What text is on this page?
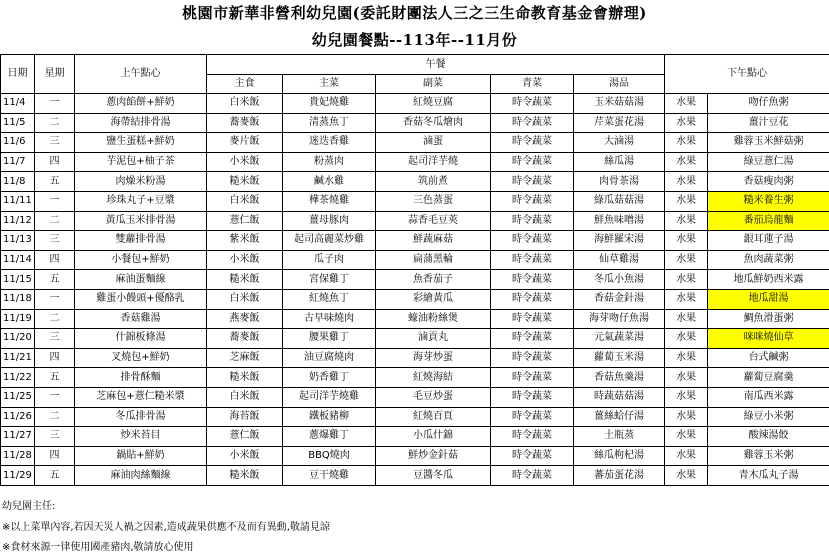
桃園市新華非營利幼兒園(委託財團法人三之三生命教育基金會辦理)
幼兒園餐點--113年--11月份
日期	星期	上午點心	午餐					下午點心	
			主食	主菜	副菜	青菜	湯品		
11/4	一	蔥肉餡餅+鮮奶	白米飯	貴妃燒雞	紅燒豆腐	時令蔬菜	玉米菇菇湯	水果	吻仔魚粥
11/5	二	海帶結排骨湯	蕎麥飯	清蒸魚丁	香菇冬瓜燴肉	時令蔬菜	芹菜蛋花湯	水果	薑汁豆花
11/6	三	鹽生蛋糕+鮮奶	麥片飯	迷迭香雞	滷蛋	時令蔬菜	大滷湯	水果	雞蓉玉米鮮菇粥
11/7	四	芋泥包+柚子茶	小米飯	粉蒸肉	起司洋芋燒	時令蔬菜	絲瓜湯	水果	綠豆薏仁湯
11/8	五	肉燥米粉湯	糙米飯	鹹水雞	筑前煮	時令蔬菜	肉骨茶湯	水果	香菇瘦肉粥
11/11	一	珍珠丸子+豆漿	白米飯	樺茶燒雞	三色蒸蛋	時令蔬菜	綠瓜菇菇湯	水果	糙米養生粥
11/12	二	黃瓜玉米排骨湯	薏仁飯	薑母豚肉	蒜香毛豆莢	時令蔬菜	鮮魚味噌湯	水果	番茄烏龍麵
11/13	三	雙蘿排骨湯	紫米飯	起司高麗菜炒雞	鮮蔬麻菇	時令蔬菜	海鮮羅宋湯	水果	銀耳蓮子湯
11/14	四	小餐包+鮮奶	小米飯	瓜子肉	扁蒲黑輪	時令蔬菜	仙草雞湯	水果	魚肉蔬菜粥
11/15	五	麻油蛋麵線	糙米飯	宮保雞丁	魚香茄子	時令蔬菜	冬瓜小魚湯	水果	地瓜鮮奶西米露
11/18	一	雞蛋小饅頭+優酪乳	白米飯	紅燒魚丁	彩繪黃瓜	時令蔬菜	香菇金針湯	水果	地瓜甜湯
11/19	二	香菇雞湯	燕麥飯	古早味燒肉	蠔油粉絲煲	時令蔬菜	海芽吻仔魚湯	水果	鯛魚滑蛋粥
11/20	三	什錦板條湯	蕎麥飯	腰果雞丁	滷貢丸	時令蔬菜	元氣蔬菜湯	水果	咪咪燒仙草
11/21	四	叉燒包+鮮奶	芝麻飯	油豆腐燒肉	海芽炒蛋	時令蔬菜	蘿蔔玉米湯	水果	台式鹹粥
11/22	五	排骨酥麵	糙米飯	奶香雞丁	紅燒海結	時令蔬菜	香菇魚羹湯	水果	蘿蔔豆腐羹
11/25	一	芝麻包+薏仁糙米漿	白米飯	起司洋芋燒雞	毛豆炒蛋	時令蔬菜	時蔬菇菇湯	水果	南瓜西米露
11/26	二	冬瓜排骨湯	海苔飯	鐵板豬柳	紅燒百頁	時令蔬菜	薑絲蛤仔湯	水果	綠豆小米粥
11/27	三	炒米苔目	薏仁飯	蔥爆雞丁	小瓜什錦	時令蔬菜	土瓶蒸	水果	酸辣湯餃
11/28	四	鍋貼+鮮奶	小米飯	BBQ燒肉	鮮炒金針菇	時令蔬菜	絲瓜枸杞湯	水果	雞蓉玉米粥
11/29	五	麻油肉絲麵線	糙米飯	豆干燒雞	豆醬冬瓜	時令蔬菜	蕃茄蛋花湯	水果	青木瓜丸子湯
幼兒園主任:
※以上菜單內容,若因天災人禍之因素,造成蔬果供應不及而有異動,敬請見諒
※食材來源一律使用國產豬肉,敬請放心使用
